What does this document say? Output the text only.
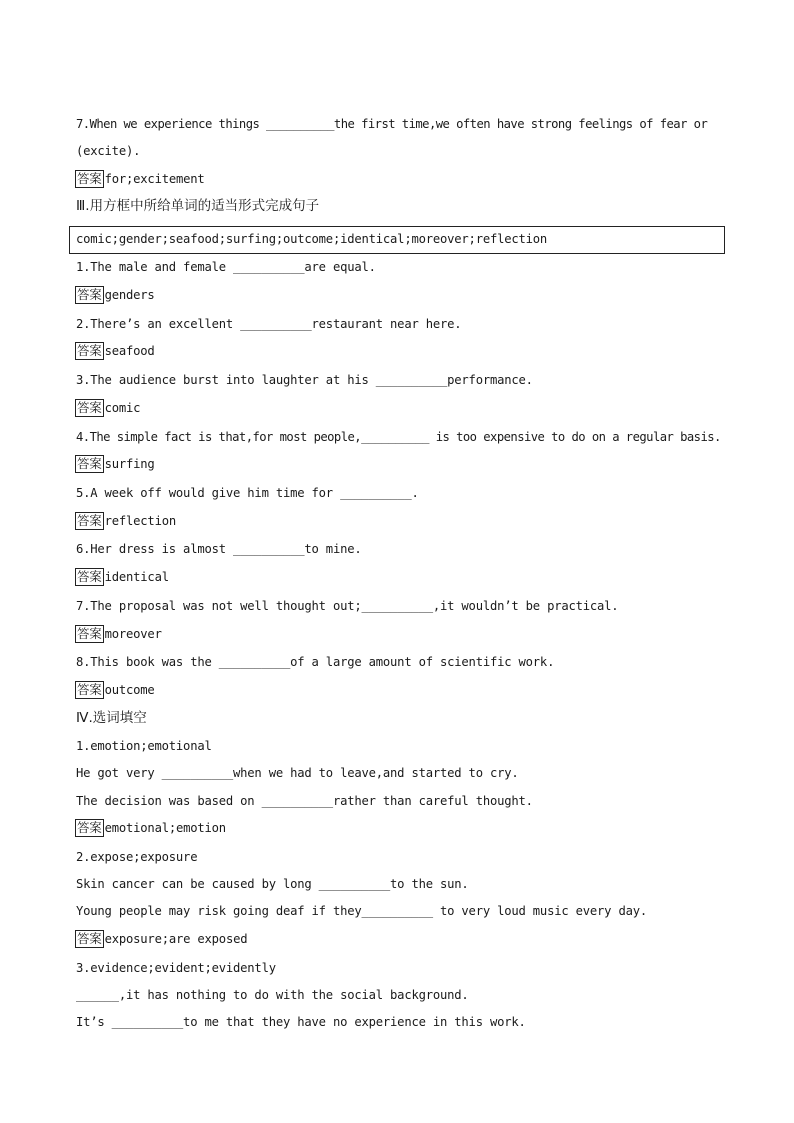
7.When we experience things __________the first time,we often have strong feelings of fear or
(excite).
答案 for;excitement
Ⅲ.用方框中所给单词的适当形式完成句子
comic;gender;seafood;surfing;outcome;identical;moreover;reflection
1.The male and female __________are equal.
答案 genders
2.There’s an excellent __________restaurant near here.
答案 seafood
3.The audience burst into laughter at his __________performance.
答案 comic
4.The simple fact is that,for most people,__________ is too expensive to do on a regular basis.
答案 surfing
5.A week off would give him time for __________.
答案 reflection
6.Her dress is almost __________to mine.
答案 identical
7.The proposal was not well thought out;__________,it wouldn’t be practical.
答案 moreover
8.This book was the __________of a large amount of scientific work.
答案 outcome
Ⅳ.选词填空
1.emotion;emotional
He got very __________when we had to leave,and started to cry.
The decision was based on __________rather than careful thought.
答案 emotional;emotion
2.expose;exposure
Skin cancer can be caused by long __________to the sun.
Young people may risk going deaf if they__________ to very loud music every day.
答案 exposure;are exposed
3.evidence;evident;evidently
______,it has nothing to do with the social background.
It’s __________to me that they have no experience in this work.
